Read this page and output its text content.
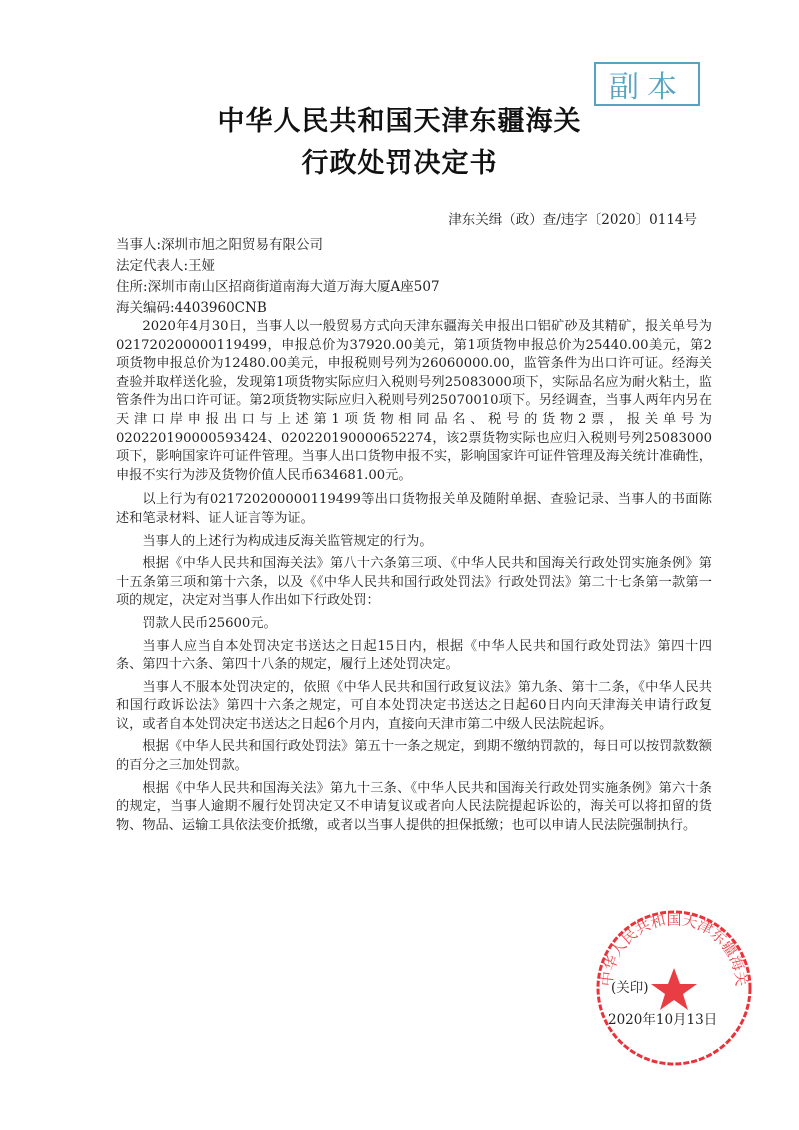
副本
中华人民共和国天津东疆海关
行政处罚决定书
津东关缉（政）查/违字〔2020〕0114号
当事人:深圳市旭之阳贸易有限公司
法定代表人:王娅
住所:深圳市南山区招商街道南海大道万海大厦A座507
海关编码:4403960CNB

2020年4月30日，当事人以一般贸易方式向天津东疆海关申报出口铝矿砂及其精矿，报关单号为021720200000119499，申报总价为37920.00美元，第1项货物申报总价为25440.00美元，第2项货物申报总价为12480.00美元，申报税则号列为26060000.00，监管条件为出口许可证。经海关查验并取样送化验，发现第1项货物实际应归入税则号列25083000项下，实际品名应为耐火粘土，监管条件为出口许可证。第2项货物实际应归入税则号列25070010项下。另经调查，当事人两年内另在天津口岸申报出口与上述第1项货物相同品名、税号的货物2票，报关单号为020220190000593424、020220190000652274，该2票货物实际也应归入税则号列25083000项下，影响国家许可证件管理。当事人出口货物申报不实，影响国家许可证件管理及海关统计准确性，申报不实行为涉及货物价值人民币634681.00元。

以上行为有021720200000119499等出口货物报关单及随附单据、查验记录、当事人的书面陈述和笔录材料、证人证言等为证。

当事人的上述行为构成违反海关监管规定的行为。

根据《中华人民共和国海关法》第八十六条第三项、《中华人民共和国海关行政处罚实施条例》第十五条第三项和第十六条，以及《《中华人民共和国行政处罚法》行政处罚法》第二十七条第一款第一项的规定，决定对当事人作出如下行政处罚：

罚款人民币25600元。

当事人应当自本处罚决定书送达之日起15日内，根据《中华人民共和国行政处罚法》第四十四条、第四十六条、第四十八条的规定，履行上述处罚决定。

当事人不服本处罚决定的，依照《中华人民共和国行政复议法》第九条、第十二条，《中华人民共和国行政诉讼法》第四十六条之规定，可自本处罚决定书送达之日起60日内向天津海关申请行政复议，或者自本处罚决定书送达之日起6个月内，直接向天津市第二中级人民法院起诉。

根据《中华人民共和国行政处罚法》第五十一条之规定，到期不缴纳罚款的，每日可以按罚款数额的百分之三加处罚款。

根据《中华人民共和国海关法》第九十三条、《中华人民共和国海关行政处罚实施条例》第六十条的规定，当事人逾期不履行处罚决定又不申请复议或者向人民法院提起诉讼的，海关可以将扣留的货物、物品、运输工具依法变价抵缴，或者以当事人提供的担保抵缴；也可以申请人民法院强制执行。

中华人民共和国天津东疆海关
(关印)
2020年10月13日
